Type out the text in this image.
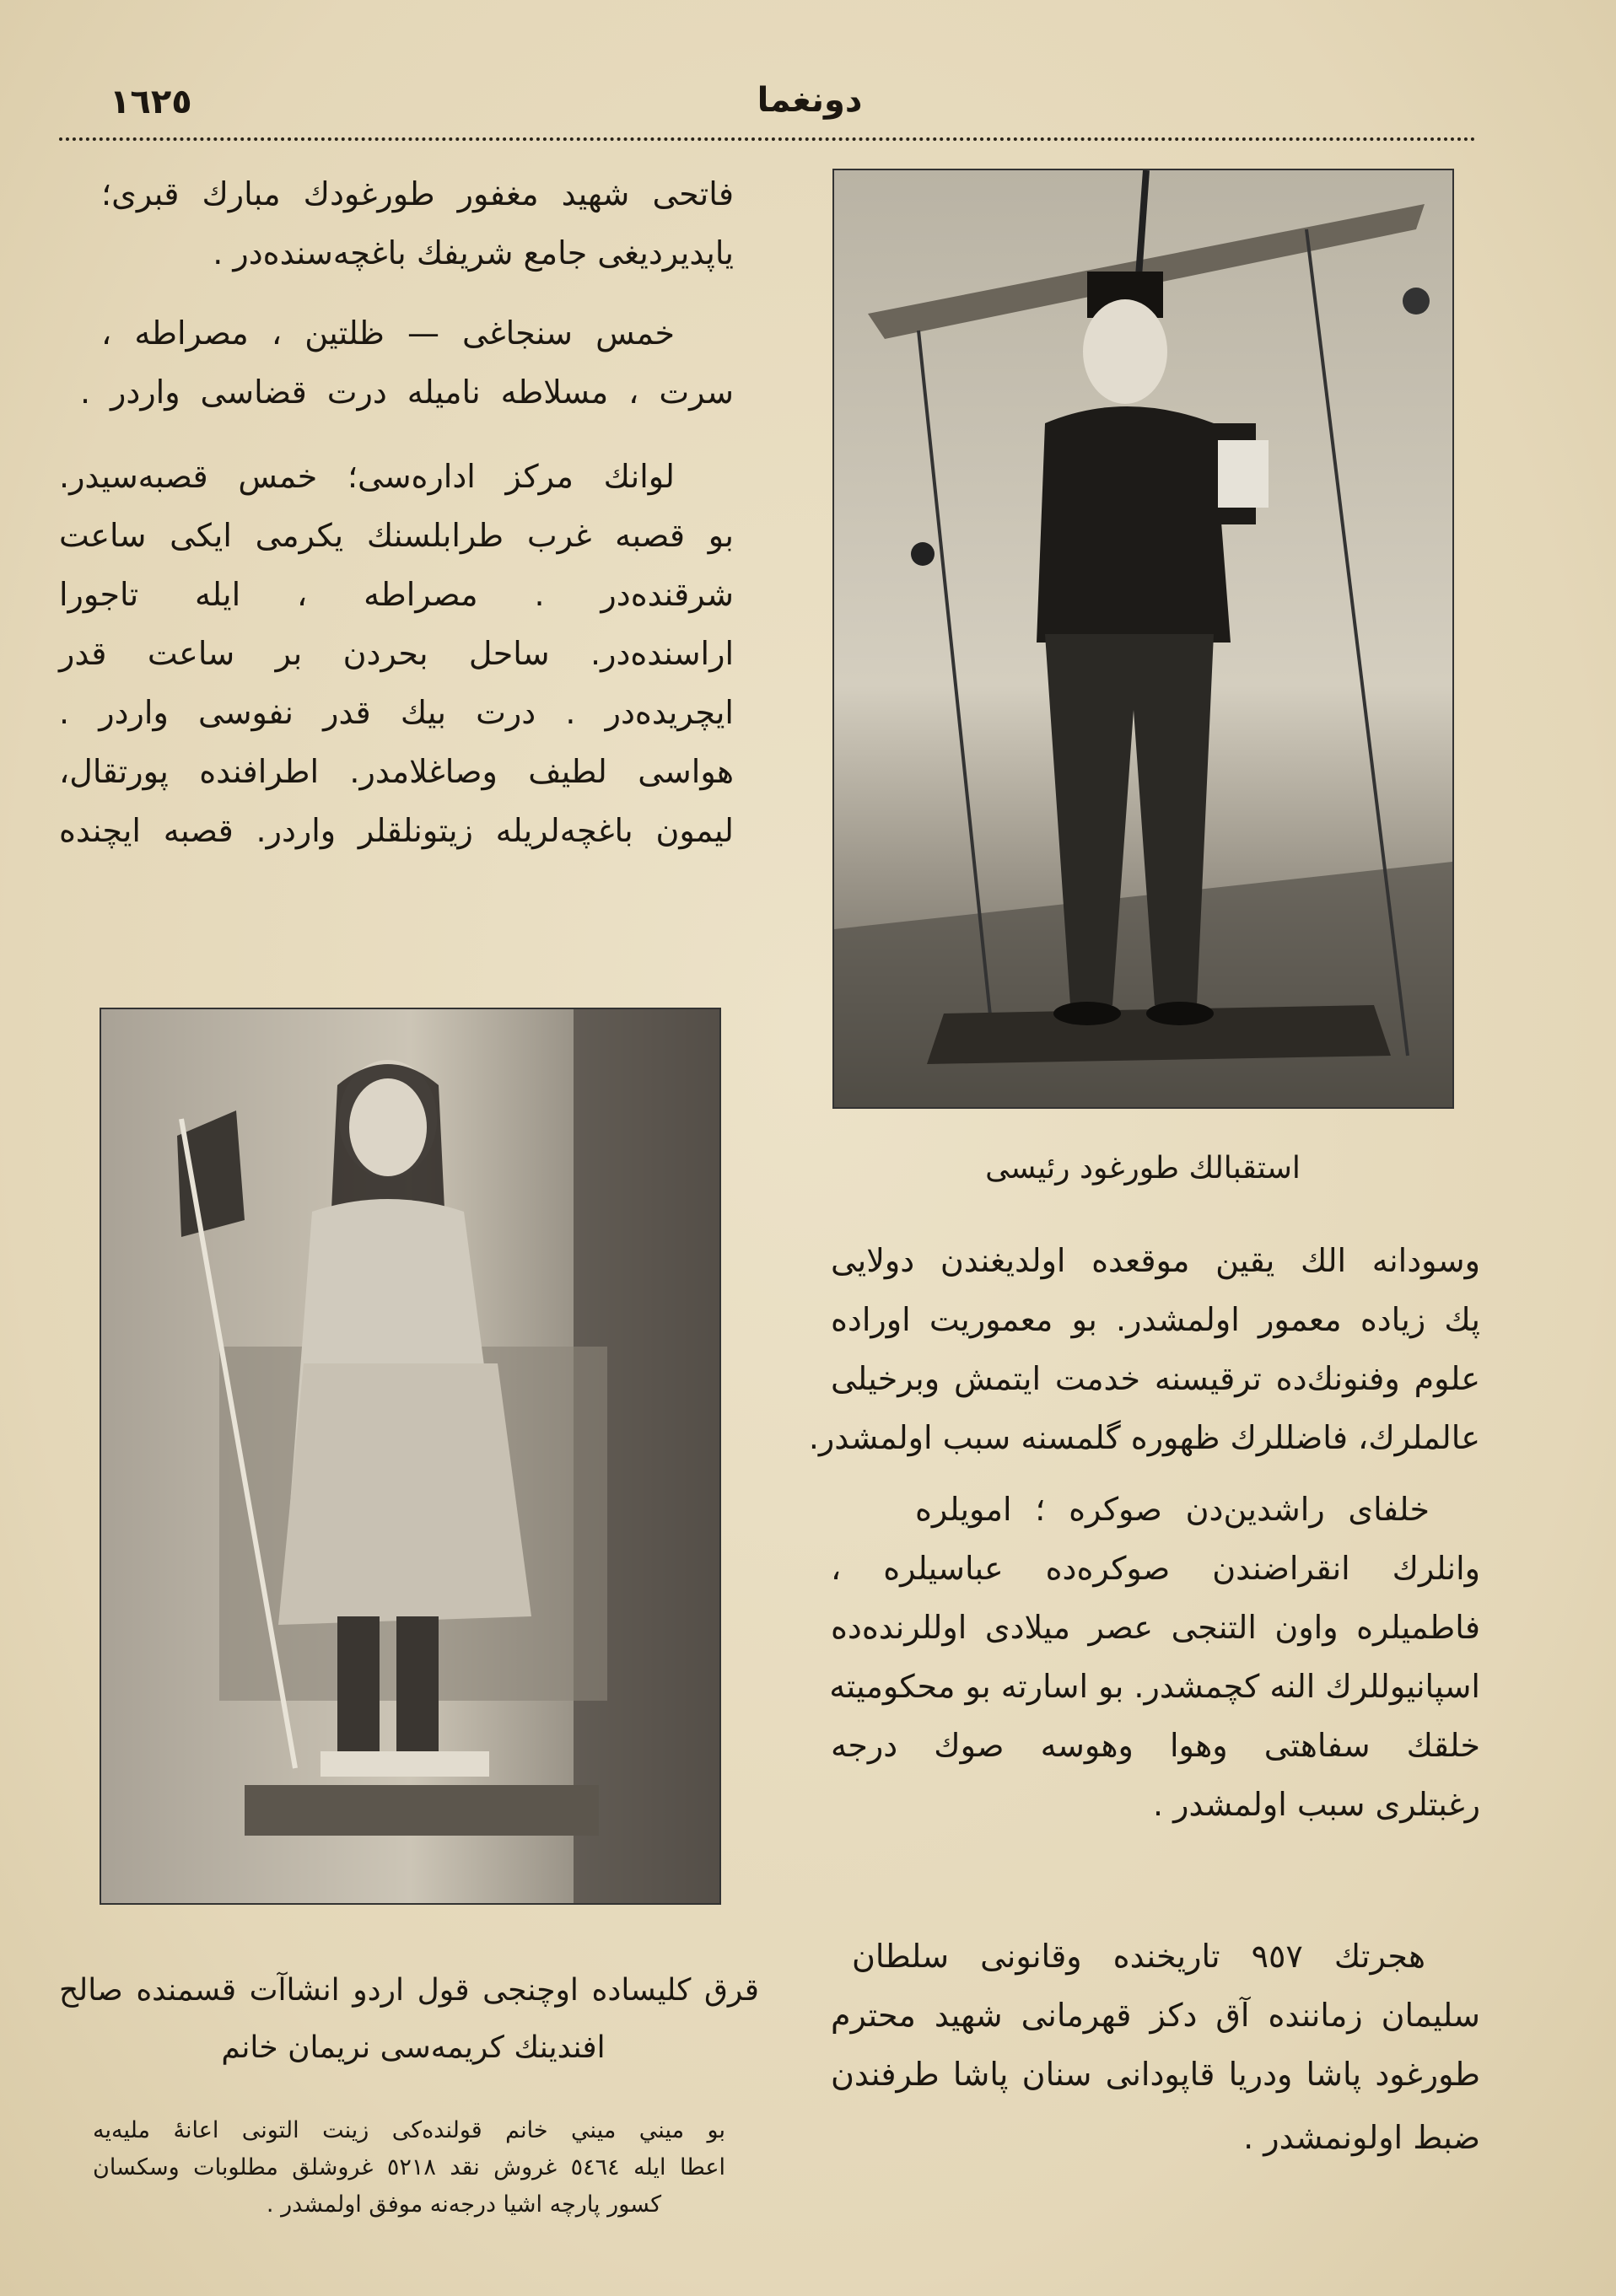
١٦٢٥	دونغما
فاتحی شهید مغفور طورغودك مبارك قبری؛
یاپدیردیغی جامع شریفك باغچه‌سنده‌در .
خمس سنجاغی — ظلتین ، مصراطه ،
سرت ، مسلاطه نامیله درت قضاسی واردر .
لوانك مركز اداره‌سی؛ خمس قصبه‌سیدر.
بو قصبه غرب طرابلسنك یكرمی ایكی ساعت
شرقنده‌در . مصراطه ، ایله تاجورا
اراسنده‌در. ساحل بحردن بر ساعت قدر
ایچریده‌در . درت بیك قدر نفوسی واردر .
هواسی لطیف وصاغلامدر. اطرافنده پورتقال،
لیمون باغچه‌لریله زیتونلقلر واردر. قصبه ایچنده
استقبالك طورغود رئیسی
قرق كلیساده اوچنجی قول اردو انشاآت قسمنده صالح
افندینك كریمه‌سی نریمان خانم
بو میني میني خانم قولنده‌كی زینت التونی اعانهٔ ملیه‌یه
اعطا ایله ٥٤٦٤ غروش نقد ٥٢١٨ غروشلق مطلوبات وسكسان
كسور پارچه اشیا درجه‌نه موفق اولمشدر .
وسودانه الك یقین موقعده اولدیغندن دولایی
پك زیاده معمور اولمشدر. بو معموریت اوراده
علوم وفنونك‌ده ترقیسنه خدمت ایتمش وبرخیلی
عالملرك، فاضللرك ظهوره گلمسنه سبب اولمشدر.
خلفای راشدین‌دن صوكره ؛ امویلره
وانلرك انقراضندن صوكره‌ده عباسیلره ،
فاطمیلره واون التنجی عصر میلادی اوللرنده‌ده
اسپانیوللرك النه كچمشدر. بو اسارته بو محكومیته
خلقك سفاهتی وهوا وهوسه صوك درجه
رغبتلری سبب اولمشدر .
هجرتك ٩٥٧ تاریخنده وقانونی سلطان
سلیمان زماننده آق دكز قهرمانی شهید محترم
طورغود پاشا ودریا قاپودانی سنان پاشا طرفندن
ضبط اولونمشدر .
